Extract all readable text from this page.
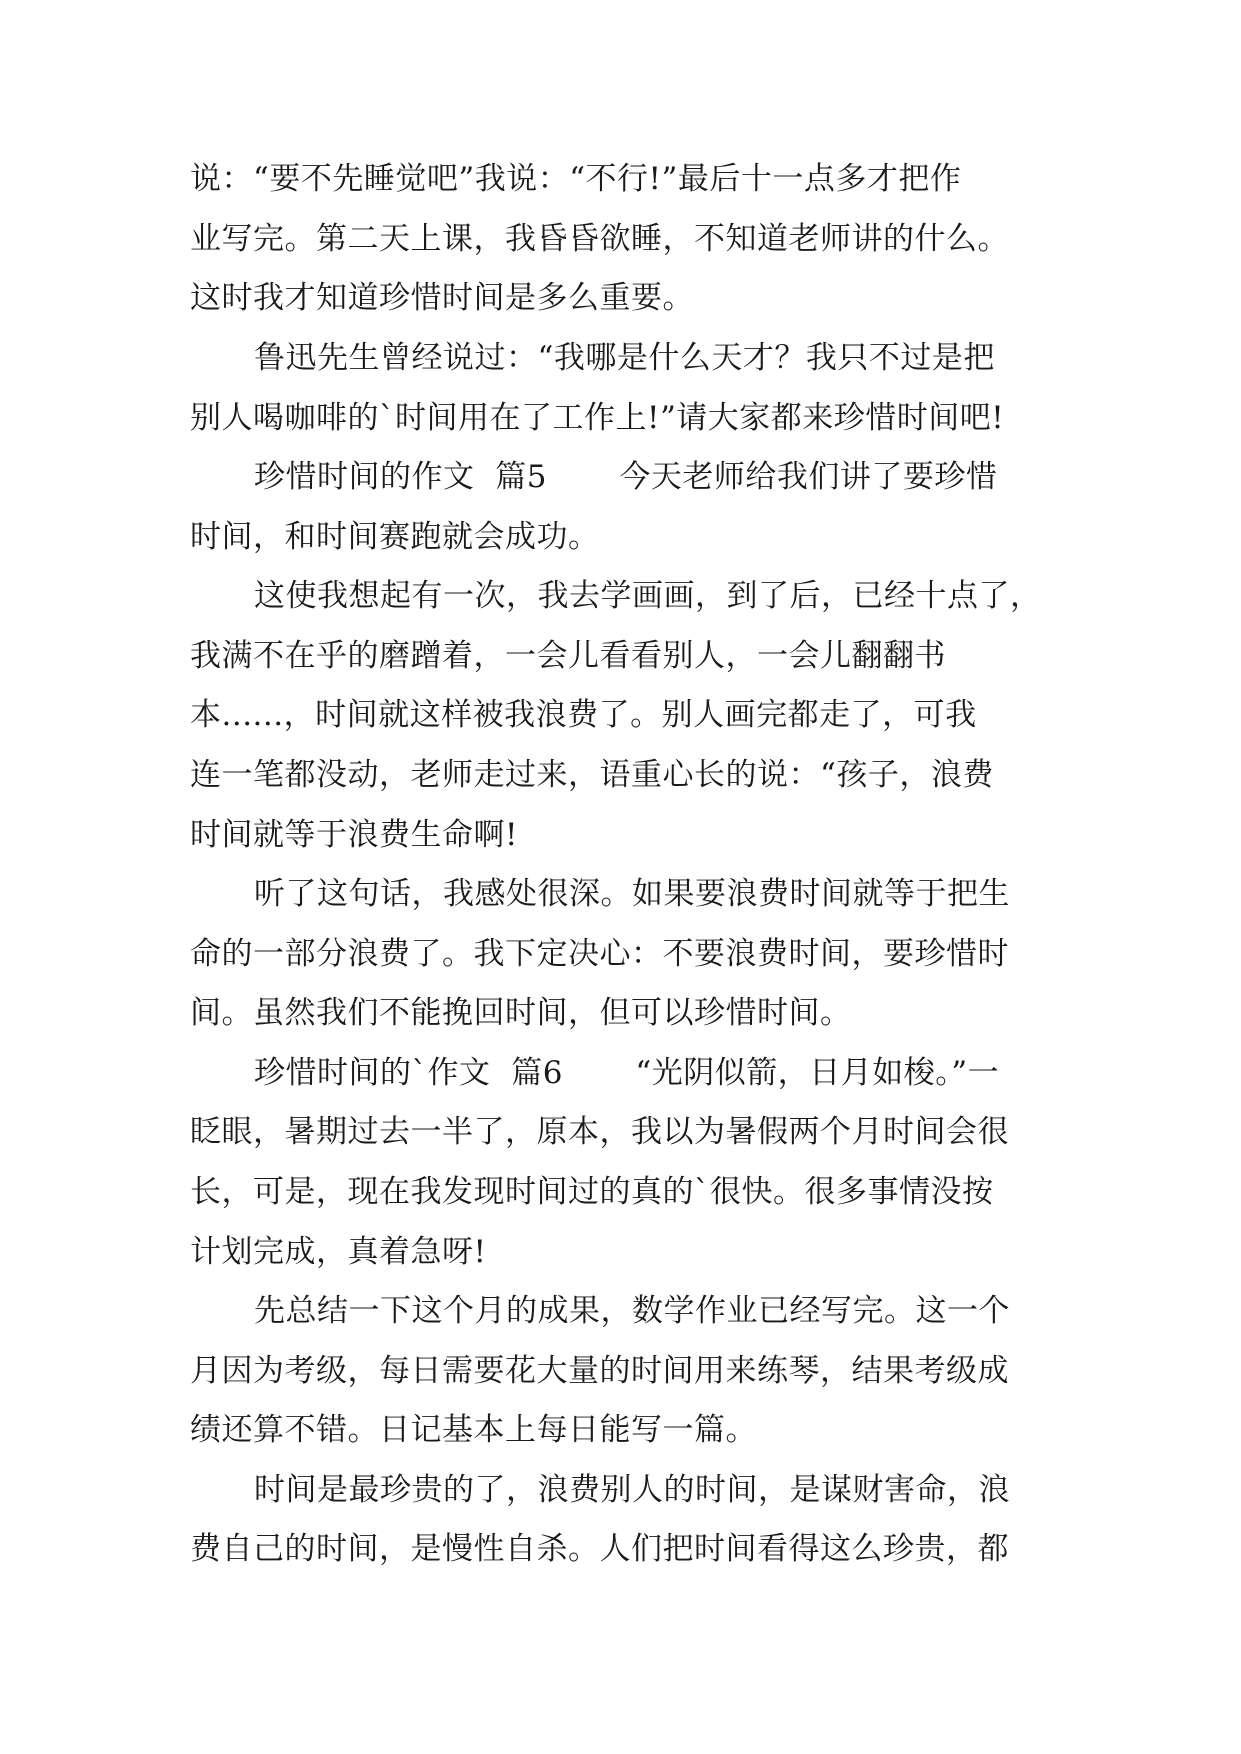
说：“要不先睡觉吧”我说：“不行!”最后十一点多才把作
业写完。第二天上课，我昏昏欲睡，不知道老师讲的什么。
这时我才知道珍惜时间是多么重要。
鲁迅先生曾经说过：“我哪是什么天才？我只不过是把
别人喝咖啡的`时间用在了工作上!”请大家都来珍惜时间吧!
珍惜时间的作文  篇5       今天老师给我们讲了要珍惜
时间，和时间赛跑就会成功。
这使我想起有一次，我去学画画，到了后，已经十点了，
我满不在乎的磨蹭着，一会儿看看别人，一会儿翻翻书
本......，时间就这样被我浪费了。别人画完都走了，可我
连一笔都没动，老师走过来，语重心长的说：“孩子，浪费
时间就等于浪费生命啊!
听了这句话，我感处很深。如果要浪费时间就等于把生
命的一部分浪费了。我下定决心：不要浪费时间，要珍惜时
间。虽然我们不能挽回时间，但可以珍惜时间。
珍惜时间的`作文  篇6       “光阴似箭，日月如梭。”一
眨眼，暑期过去一半了，原本，我以为暑假两个月时间会很
长，可是，现在我发现时间过的真的`很快。很多事情没按
计划完成，真着急呀!
先总结一下这个月的成果，数学作业已经写完。这一个
月因为考级，每日需要花大量的时间用来练琴，结果考级成
绩还算不错。日记基本上每日能写一篇。
时间是最珍贵的了，浪费别人的时间，是谋财害命，浪
费自己的时间，是慢性自杀。人们把时间看得这么珍贵，都
